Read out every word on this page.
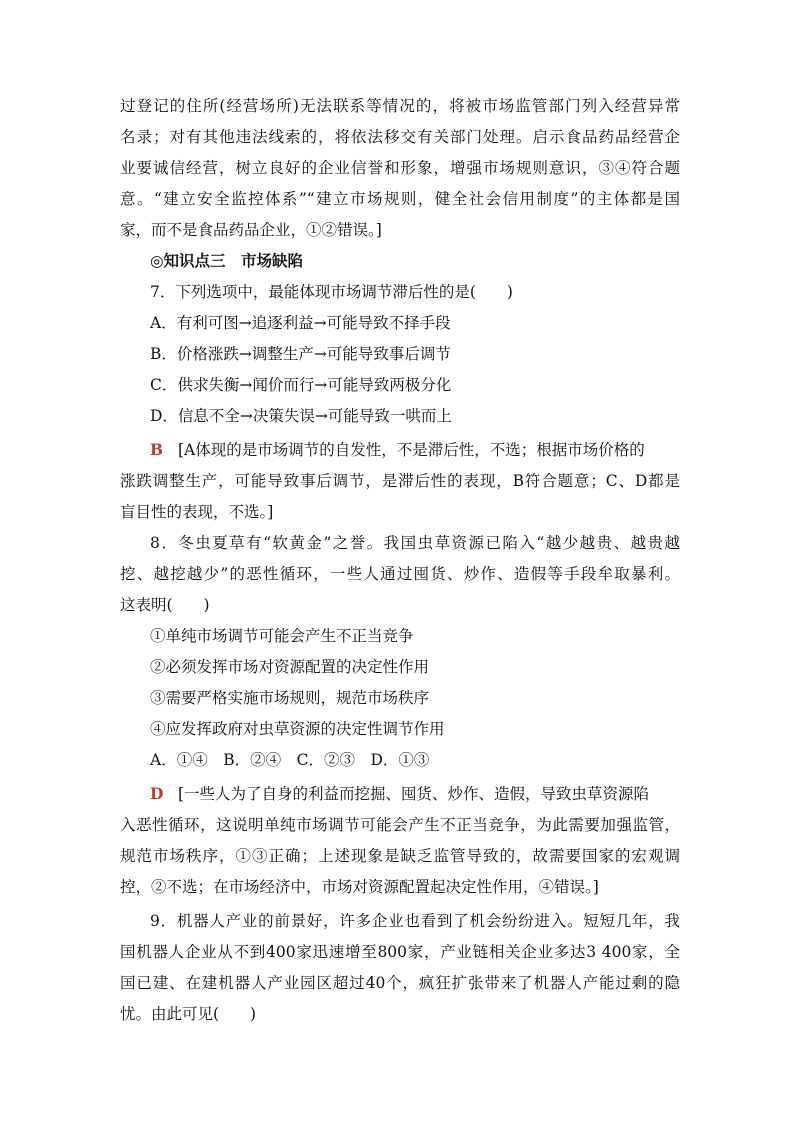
过登记的住所(经营场所)无法联系等情况的，将被市场监管部门列入经营异常
名录；对有其他违法线索的，将依法移交有关部门处理。启示食品药品经营企
业要诚信经营，树立良好的企业信誉和形象，增强市场规则意识，③④符合题
意。“建立安全监控体系”“建立市场规则，健全社会信用制度”的主体都是国
家，而不是食品药品企业，①②错误。]
◎知识点三　市场缺陷
7．下列选项中，最能体现市场调节滞后性的是(　　)
A．有利可图→追逐利益→可能导致不择手段
B．价格涨跌→调整生产→可能导致事后调节
C．供求失衡→闻价而行→可能导致两极分化
D．信息不全→决策失误→可能导致一哄而上
B [A体现的是市场调节的自发性，不是滞后性，不选；根据市场价格的
涨跌调整生产，可能导致事后调节，是滞后性的表现，B符合题意；C、D都是
盲目性的表现，不选。]
8．冬虫夏草有“软黄金”之誉。我国虫草资源已陷入“越少越贵、越贵越
挖、越挖越少”的恶性循环，一些人通过囤货、炒作、造假等手段牟取暴利。
这表明(　　)
①单纯市场调节可能会产生不正当竞争
②必须发挥市场对资源配置的决定性作用
③需要严格实施市场规则，规范市场秩序
④应发挥政府对虫草资源的决定性调节作用
A．①④　B．②④　C．②③　D．①③
D [一些人为了自身的利益而挖掘、囤货、炒作、造假，导致虫草资源陷
入恶性循环，这说明单纯市场调节可能会产生不正当竞争，为此需要加强监管，
规范市场秩序，①③正确；上述现象是缺乏监管导致的，故需要国家的宏观调
控，②不选；在市场经济中，市场对资源配置起决定性作用，④错误。]
9．机器人产业的前景好，许多企业也看到了机会纷纷进入。短短几年，我
国机器人企业从不到400家迅速增至800家，产业链相关企业多达3 400家，全
国已建、在建机器人产业园区超过40个，疯狂扩张带来了机器人产能过剩的隐
忧。由此可见(　　)
